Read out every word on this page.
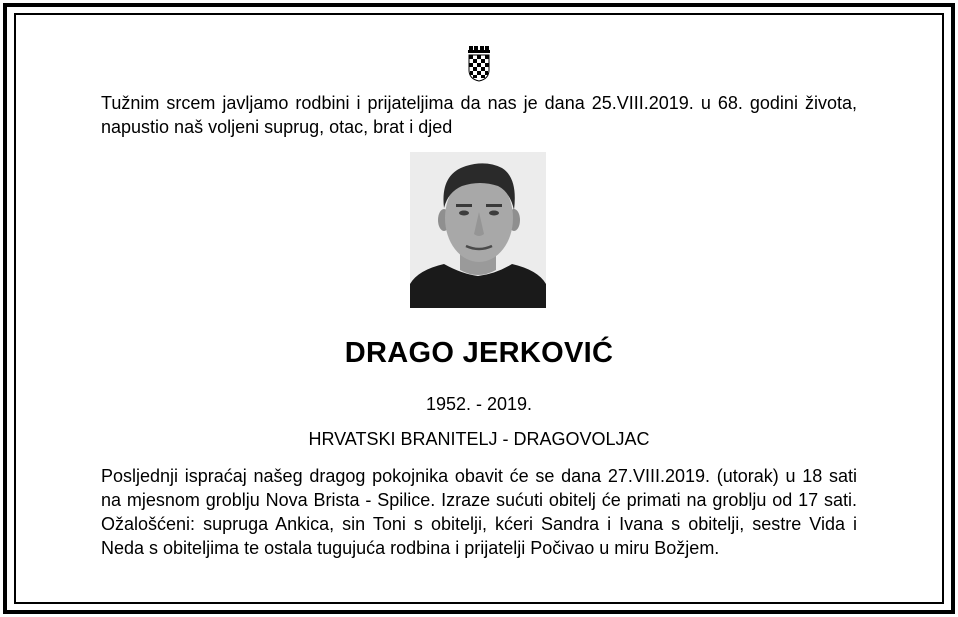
Tužnim srcem javljamo rodbini i prijateljima da nas je dana 25.VIII.2019. u 68. godini života, napustio naš voljeni suprug, otac, brat i djed

DRAGO JERKOVIĆ
1952. - 2019.
HRVATSKI BRANITELJ - DRAGOVOLJAC

Posljednji ispraćaj našeg dragog pokojnika obavit će se dana 27.VIII.2019. (utorak) u 18 sati na mjesnom groblju Nova Brista - Spilice. Izraze sućuti obitelj će primati na groblju od 17 sati. Ožalošćeni: supruga Ankica, sin Toni s obitelji, kćeri Sandra i Ivana s obitelji, sestre Vida i Neda s obiteljima te ostala tugujuća rodbina i prijatelji Počivao u miru Božjem.
